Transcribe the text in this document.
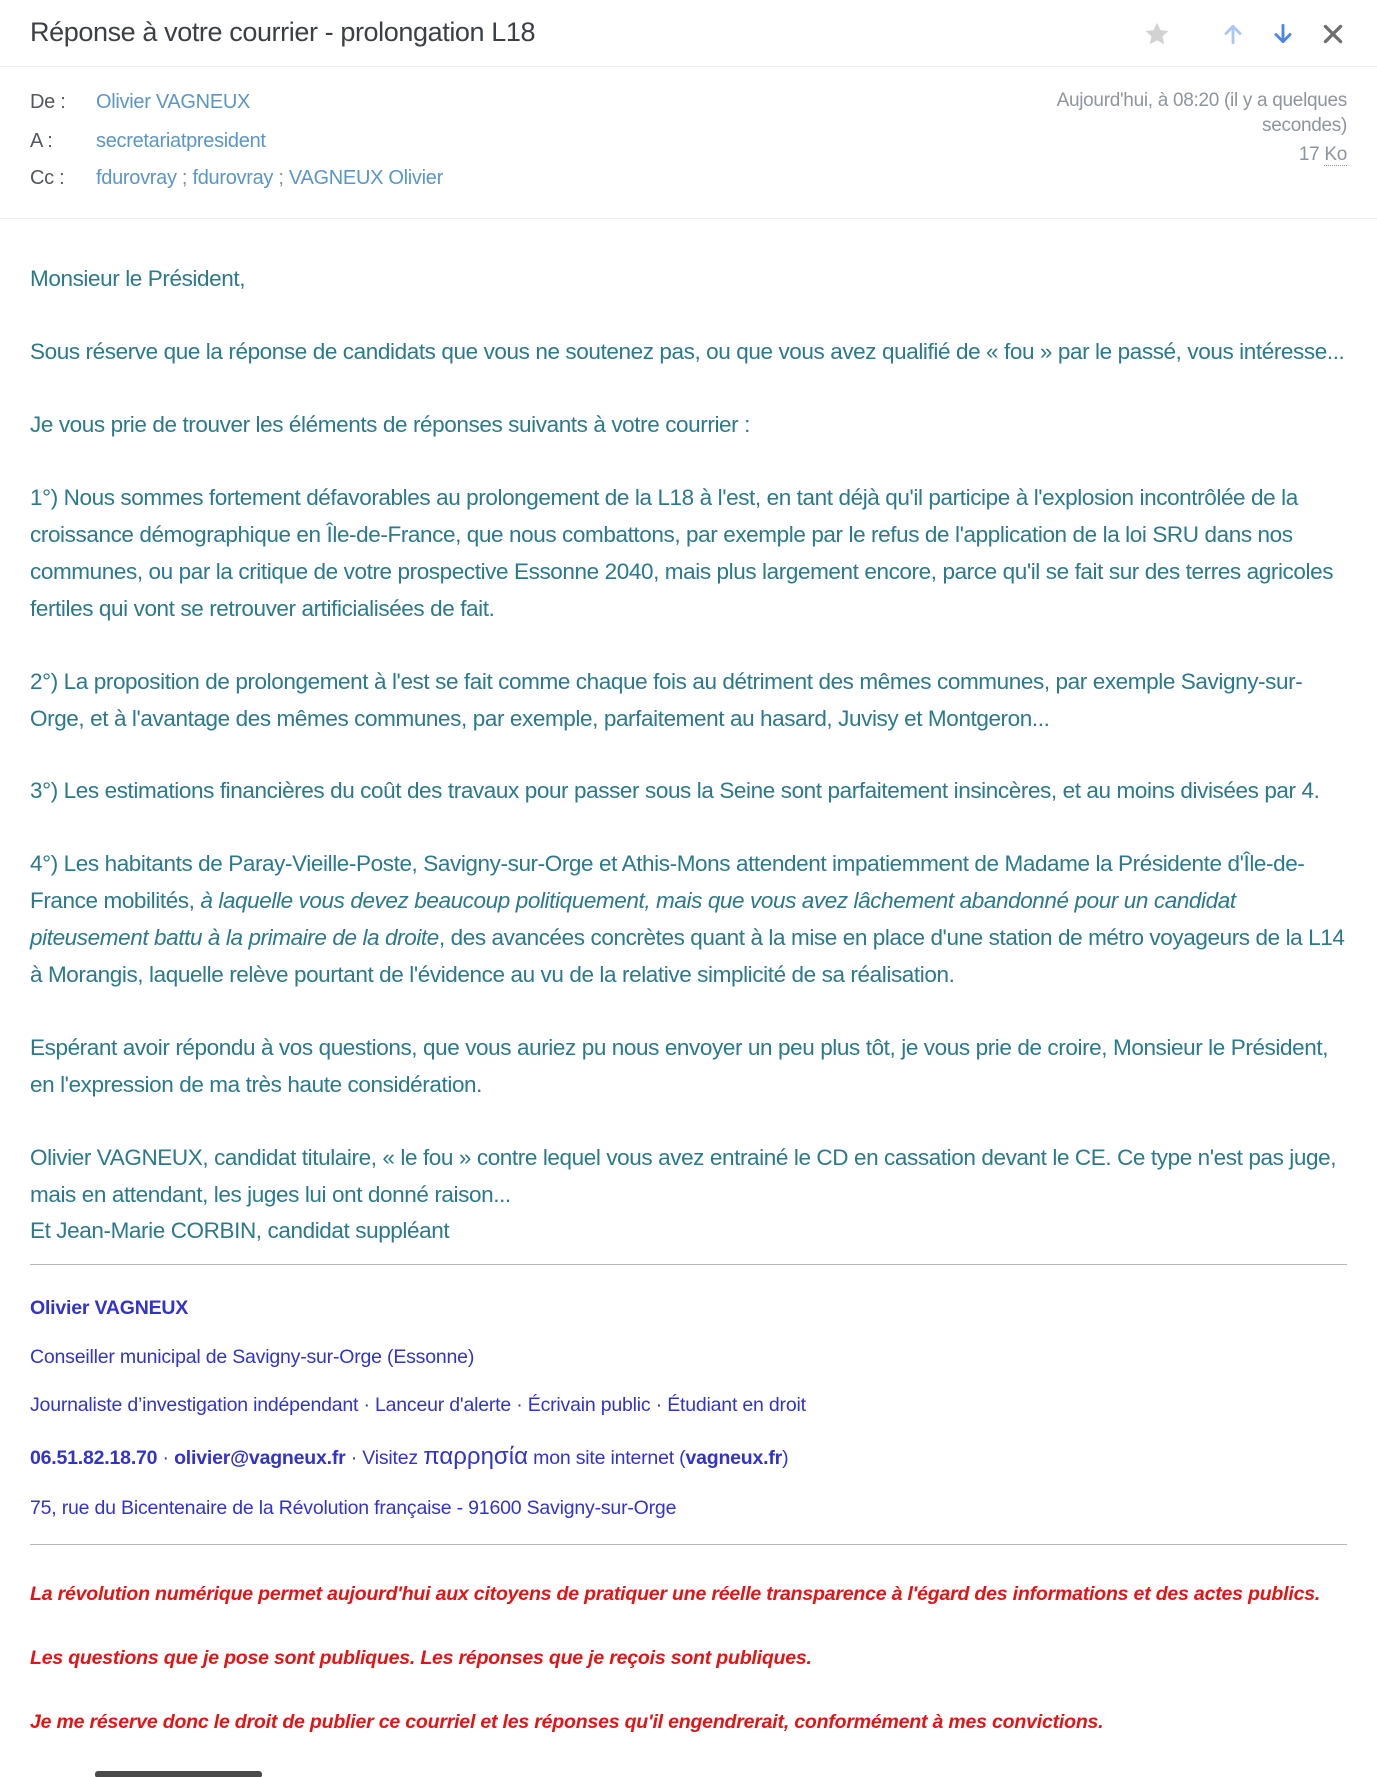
Réponse à votre courrier - prolongation L18
De :	Olivier VAGNEUX
A :	secretariatpresident
Cc :	fdurovray ; fdurovray ; VAGNEUX Olivier
Aujourd'hui, à 08:20 (il y a quelques secondes)
17 Ko

Monsieur le Président,

Sous réserve que la réponse de candidats que vous ne soutenez pas, ou que vous avez qualifié de « fou » par le passé, vous intéresse...

Je vous prie de trouver les éléments de réponses suivants à votre courrier :

1°) Nous sommes fortement défavorables au prolongement de la L18 à l'est, en tant déjà qu'il participe à l'explosion incontrôlée de la croissance démographique en Île-de-France, que nous combattons, par exemple par le refus de l'application de la loi SRU dans nos communes, ou par la critique de votre prospective Essonne 2040, mais plus largement encore, parce qu'il se fait sur des terres agricoles fertiles qui vont se retrouver artificialisées de fait.

2°) La proposition de prolongement à l'est se fait comme chaque fois au détriment des mêmes communes, par exemple Savigny-sur-Orge, et à l'avantage des mêmes communes, par exemple, parfaitement au hasard, Juvisy et Montgeron...

3°) Les estimations financières du coût des travaux pour passer sous la Seine sont parfaitement insincères, et au moins divisées par 4.

4°) Les habitants de Paray-Vieille-Poste, Savigny-sur-Orge et Athis-Mons attendent impatiemment de Madame la Présidente d'Île-de-France mobilités, à laquelle vous devez beaucoup politiquement, mais que vous avez lâchement abandonné pour un candidat piteusement battu à la primaire de la droite, des avancées concrètes quant à la mise en place d'une station de métro voyageurs de la L14 à Morangis, laquelle relève pourtant de l'évidence au vu de la relative simplicité de sa réalisation.

Espérant avoir répondu à vos questions, que vous auriez pu nous envoyer un peu plus tôt, je vous prie de croire, Monsieur le Président, en l'expression de ma très haute considération.

Olivier VAGNEUX, candidat titulaire, « le fou » contre lequel vous avez entrainé le CD en cassation devant le CE. Ce type n'est pas juge, mais en attendant, les juges lui ont donné raison...
Et Jean-Marie CORBIN, candidat suppléant

Olivier VAGNEUX

Conseiller municipal de Savigny-sur-Orge (Essonne)

Journaliste d’investigation indépendant · Lanceur d'alerte · Écrivain public · Étudiant en droit

06.51.82.18.70 · olivier@vagneux.fr · Visitez παρρησία mon site internet (vagneux.fr)

75, rue du Bicentenaire de la Révolution française - 91600 Savigny-sur-Orge

La révolution numérique permet aujourd'hui aux citoyens de pratiquer une réelle transparence à l'égard des informations et des actes publics.

Les questions que je pose sont publiques. Les réponses que je reçois sont publiques.

Je me réserve donc le droit de publier ce courriel et les réponses qu'il engendrerait, conformément à mes convictions.
